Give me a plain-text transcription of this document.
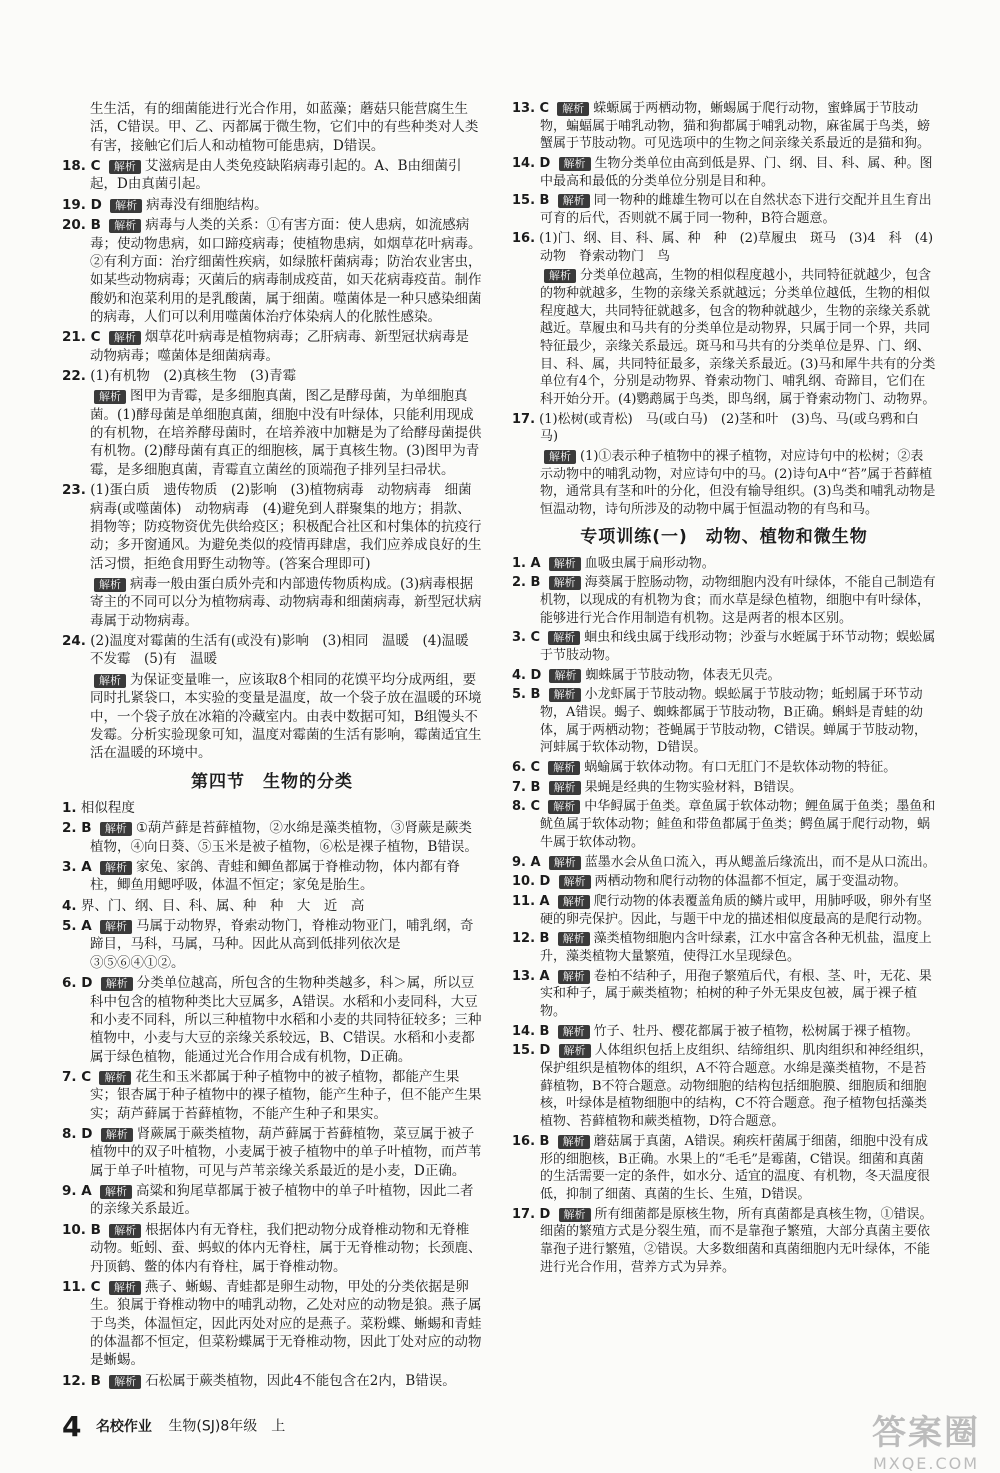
生生活，有的细菌能进行光合作用，如蓝藻；蘑菇只能营腐生生活，C错误。甲、乙、丙都属于微生物，它们中的有些种类对人类有害，接触它们后人和动植物可能患病，D错误。
18. C 解析 艾滋病是由人类免疫缺陷病毒引起的。A、B由细菌引起，D由真菌引起。
19. D 解析 病毒没有细胞结构。
20. B 解析 病毒与人类的关系：①有害方面：使人患病，如流感病毒；使动物患病，如口蹄疫病毒；使植物患病，如烟草花叶病毒。②有利方面：治疗细菌性疾病，如绿脓杆菌病毒；防治农业害虫，如某些动物病毒；灭菌后的病毒制成疫苗，如天花病毒疫苗。制作酸奶和泡菜利用的是乳酸菌，属于细菌。噬菌体是一种只感染细菌的病毒，人们可以利用噬菌体治疗体染病人的化脓性感染。
21. C 解析 烟草花叶病毒是植物病毒；乙肝病毒、新型冠状病毒是动物病毒；噬菌体是细菌病毒。
22. (1)有机物　(2)真核生物　(3)青霉
解析 图甲为青霉，是多细胞真菌，图乙是酵母菌，为单细胞真菌。(1)酵母菌是单细胞真菌，细胞中没有叶绿体，只能利用现成的有机物，在培养酵母菌时，在培养液中加糖是为了给酵母菌提供有机物。(2)酵母菌有真正的细胞核，属于真核生物。(3)图甲为青霉，是多细胞真菌，青霉直立菌丝的顶端孢子排列呈扫帚状。
23. (1)蛋白质　遗传物质　(2)影响　(3)植物病毒　动物病毒　细菌病毒(或噬菌体)　动物病毒　(4)避免到人群聚集的地方；捐款、捐物等；防疫物资优先供给疫区；积极配合社区和村集体的抗疫行动；多开窗通风。为避免类似的疫情再肆虐，我们应养成良好的生活习惯，拒绝食用野生动物等。(答案合理即可)
解析 病毒一般由蛋白质外壳和内部遗传物质构成。(3)病毒根据寄主的不同可以分为植物病毒、动物病毒和细菌病毒，新型冠状病毒属于动物病毒。
24. (2)温度对霉菌的生活有(或没有)影响　(3)相同　温暖　(4)温暖　不发霉　(5)有　温暖
解析 为保证变量唯一，应该取8个相同的花馍平均分成两组，要同时扎紧袋口，本实验的变量是温度，故一个袋子放在温暖的环境中，一个袋子放在冰箱的冷藏室内。由表中数据可知，B组馒头不发霉。分析实验现象可知，温度对霉菌的生活有影响，霉菌适宜生活在温暖的环境中。
第四节　生物的分类
1. 相似程度
2. B 解析 ①葫芦藓是苔藓植物，②水绵是藻类植物，③肾蕨是蕨类植物，④向日葵、⑤玉米是被子植物，⑥松是裸子植物，B错误。
3. A 解析 家兔、家鸽、青蛙和鲫鱼都属于脊椎动物，体内都有脊柱，鲫鱼用鳃呼吸，体温不恒定；家兔是胎生。
4. 界、门、纲、目、科、属、种　种　大　近　高
5. A 解析 马属于动物界，脊索动物门，脊椎动物亚门，哺乳纲，奇蹄目，马科，马属，马种。因此从高到低排列依次是③⑤⑥④①②。
6. D 解析 分类单位越高，所包含的生物种类越多，科＞属，所以豆科中包含的植物种类比大豆属多，A错误。水稻和小麦同科，大豆和小麦不同科，所以三种植物中水稻和小麦的共同特征较多；三种植物中，小麦与大豆的亲缘关系较远，B、C错误。水稻和小麦都属于绿色植物，能通过光合作用合成有机物，D正确。
7. C 解析 花生和玉米都属于种子植物中的被子植物，都能产生果实；银杏属于种子植物中的裸子植物，能产生种子，但不能产生果实；葫芦藓属于苔藓植物，不能产生种子和果实。
8. D 解析 肾蕨属于蕨类植物，葫芦藓属于苔藓植物，菜豆属于被子植物中的双子叶植物，小麦属于被子植物中的单子叶植物，而芦苇属于单子叶植物，可见与芦苇亲缘关系最近的是小麦，D正确。
9. A 解析 高粱和狗尾草都属于被子植物中的单子叶植物，因此二者的亲缘关系最近。
10. B 解析 根据体内有无脊柱，我们把动物分成脊椎动物和无脊椎动物。蚯蚓、蚕、蚂蚁的体内无脊柱，属于无脊椎动物；长颈鹿、丹顶鹤、鳖的体内有脊柱，属于脊椎动物。
11. C 解析 燕子、蜥蜴、青蛙都是卵生动物，甲处的分类依据是卵生。狼属于脊椎动物中的哺乳动物，乙处对应的动物是狼。燕子属于鸟类，体温恒定，因此丙处对应的是燕子。菜粉蝶、蜥蜴和青蛙的体温都不恒定，但菜粉蝶属于无脊椎动物，因此丁处对应的动物是蜥蜴。
12. B 解析 石松属于蕨类植物，因此4不能包含在2内，B错误。
13. C 解析 蝾螈属于两栖动物，蜥蜴属于爬行动物，蜜蜂属于节肢动物，蝙蝠属于哺乳动物，猫和狗都属于哺乳动物，麻雀属于鸟类，螃蟹属于节肢动物。可见选项中的生物之间亲缘关系最近的是猫和狗。
14. D 解析 生物分类单位由高到低是界、门、纲、目、科、属、种。图中最高和最低的分类单位分别是目和种。
15. B 解析 同一物种的雌雄生物可以在自然状态下进行交配并且生育出可育的后代，否则就不属于同一物种，B符合题意。
16. (1)门、纲、目、科、属、种　种　(2)草履虫　斑马　(3)4　科　(4)动物　脊索动物门　鸟
解析 分类单位越高，生物的相似程度越小，共同特征就越少，包含的物种就越多，生物的亲缘关系就越远；分类单位越低，生物的相似程度越大，共同特征就越多，包含的物种就越少，生物的亲缘关系就越近。草履虫和马共有的分类单位是动物界，只属于同一个界，共同特征最少，亲缘关系最远。斑马和马共有的分类单位是界、门、纲、目、科、属，共同特征最多，亲缘关系最近。(3)马和犀牛共有的分类单位有4个，分别是动物界、脊索动物门、哺乳纲、奇蹄目，它们在科开始分开。(4)鹦鹉属于鸟类，即鸟纲，属于脊索动物门、动物界。
17. (1)松树(或青松)　马(或白马)　(2)茎和叶　(3)鸟、马(或乌鸦和白马)
解析 (1)①表示种子植物中的裸子植物，对应诗句中的松树；②表示动物中的哺乳动物，对应诗句中的马。(2)诗句A中“苔”属于苔藓植物，通常具有茎和叶的分化，但没有输导组织。(3)鸟类和哺乳动物是恒温动物，诗句所涉及的动物中属于恒温动物的有鸟和马。
专项训练(一)　动物、植物和微生物
1. A 解析 血吸虫属于扁形动物。
2. B 解析 海葵属于腔肠动物，动物细胞内没有叶绿体，不能自己制造有机物，以现成的有机物为食；而水草是绿色植物，细胞中有叶绿体，能够进行光合作用制造有机物。这是两者的根本区别。
3. C 解析 蛔虫和线虫属于线形动物；沙蚕与水蛭属于环节动物；蜈蚣属于节肢动物。
4. D 解析 蜘蛛属于节肢动物，体表无贝壳。
5. B 解析 小龙虾属于节肢动物。蜈蚣属于节肢动物；蚯蚓属于环节动物，A错误。蝎子、蜘蛛都属于节肢动物，B正确。蝌蚪是青蛙的幼体，属于两栖动物；苍蝇属于节肢动物，C错误。蝉属于节肢动物，河蚌属于软体动物，D错误。
6. C 解析 蜗蝓属于软体动物。有口无肛门不是软体动物的特征。
7. B 解析 果蝇是经典的生物实验材料，B错误。
8. C 解析 中华鲟属于鱼类。章鱼属于软体动物；鲤鱼属于鱼类；墨鱼和鱿鱼属于软体动物；鲑鱼和带鱼都属于鱼类；鳄鱼属于爬行动物，蜗牛属于软体动物。
9. A 解析 蓝墨水会从鱼口流入，再从鳃盖后缘流出，而不是从口流出。
10. D 解析 两栖动物和爬行动物的体温都不恒定，属于变温动物。
11. A 解析 爬行动物的体表覆盖角质的鳞片或甲，用肺呼吸，卵外有坚硬的卵壳保护。因此，与题干中龙的描述相似度最高的是爬行动物。
12. B 解析 藻类植物细胞内含叶绿素，江水中富含各种无机盐，温度上升，藻类植物大量繁殖，使得江水呈现绿色。
13. A 解析 卷柏不结种子，用孢子繁殖后代，有根、茎、叶，无花、果实和种子，属于蕨类植物；柏树的种子外无果皮包被，属于裸子植物。
14. B 解析 竹子、牡丹、樱花都属于被子植物，松树属于裸子植物。
15. D 解析 人体组织包括上皮组织、结缔组织、肌肉组织和神经组织，保护组织是植物体的组织，A不符合题意。水绵是藻类植物，不是苔藓植物，B不符合题意。动物细胞的结构包括细胞膜、细胞质和细胞核，叶绿体是植物细胞中的结构，C不符合题意。孢子植物包括藻类植物、苔藓植物和蕨类植物，D符合题意。
16. B 解析 蘑菇属于真菌，A错误。痢疾杆菌属于细菌，细胞中没有成形的细胞核，B正确。水果上的“毛毛”是霉菌，C错误。细菌和真菌的生活需要一定的条件，如水分、适宜的温度、有机物，冬天温度很低，抑制了细菌、真菌的生长、生殖，D错误。
17. D 解析 所有细菌都是原核生物，所有真菌都是真核生物，①错误。细菌的繁殖方式是分裂生殖，而不是靠孢子繁殖，大部分真菌主要依靠孢子进行繁殖，②错误。大多数细菌和真菌细胞内无叶绿体，不能进行光合作用，营养方式为异养。
4 名校作业 生物(SJ)8年级　上	答案圈
MXQE.COM
